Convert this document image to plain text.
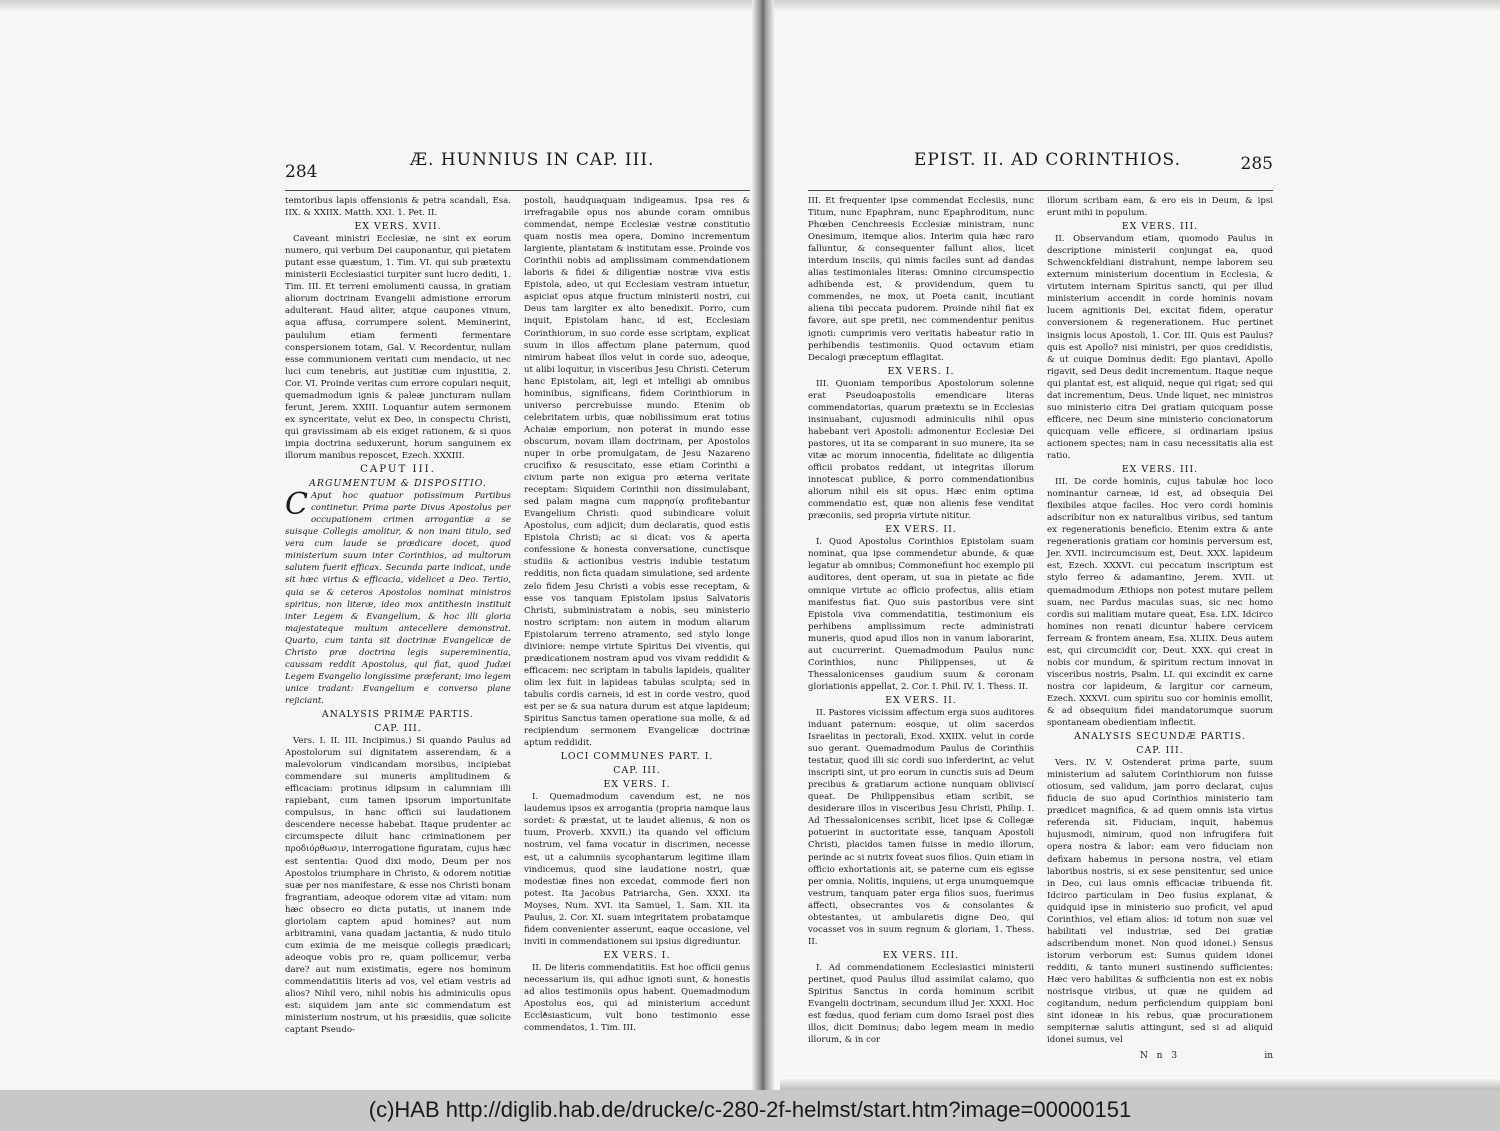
284
Æ. HUNNIUS IN CAP. III.

temtoribus lapis offensionis & petra scandali, Esa. IIX. & XXIIX. Matth. XXI. 1. Pet. II.

EX VERS. XVII.

Caveant ministri Ecclesiæ, ne sint ex eorum numero, qui verbum Dei cauponantur, qui pietatem putant esse quæstum, 1. Tim. VI. qui sub prætextu ministerii Ecclesiastici turpiter sunt lucro dediti, 1. Tim. III. Et terreni emolumenti caussa, in gratiam aliorum doctrinam Evangelii admistione errorum adulterant. Haud aliter, atque caupones vinum, aqua affusa, corrumpere solent. Meminerint, paululum etiam fermenti fermentare conspersionem totam, Gal. V. Recordentur, nullam esse communionem veritati cum mendacio, ut nec luci cum tenebris, aut justitiæ cum injustitia, 2. Cor. VI. Proinde veritas cum errore copulari nequit, quemadmodum ignis & paleæ juncturam nullam ferunt, Jerem. XXIII. Loquantur autem sermonem ex synceritate, velut ex Deo, in conspectu Christi, qui gravissimam ab eis exiget rationem, & si quos impia doctrina seduxerunt, horum sanguinem ex illorum manibus reposcet, Ezech. XXXIII.

CAPUT III.
ARGUMENTUM & DISPOSITIO.

C Aput hoc quatuor potissimum Partibus continetur. Prima parte Divus Apostolus per occupationem crimen arrogantiæ a se suisque Collegis amolitur, & non inani titulo, sed vera cum laude se prædicare docet, quod ministerium suum inter Corinthios, ad multorum salutem fuerit efficax. Secunda parte indicat, unde sit hæc virtus & efficacia, videlicet a Deo. Tertio, quia se & ceteros Apostolos nominat ministros spiritus, non literæ, ideo mox antithesin instituit inter Legem & Evangelium, & hoc illi gloria majestateque multum antecellere demonstrat. Quarto, cum tanta sit doctrinæ Evangelicæ de Christo præ doctrina legis supereminentia, caussam reddit Apostolus, qui fiat, quod Judæi Legem Evangelio longissime præferant; imo legem unice tradant: Evangelium e converso plane rejiciant.

ANALYSIS PRIMÆ PARTIS.
CAP. III.

Vers. I. II. III. Incipimus.) Si quando Paulus ad Apostolorum sui dignitatem asserendam, & a malevolorum vindicandam morsibus, incipiebat commendare sui muneris amplitudinem & efficaciam: protinus idipsum in calumniam illi rapiebant, cum tamen ipsorum importunitate compulsus, in hanc officii sui laudationem descendere necesse habebat. Itaque prudenter ac circumspecte diluit hanc criminationem per προδιόρθωσιν, interrogatione figuratam, cujus hæc est sententia: Quod dixi modo, Deum per nos Apostolos triumphare in Christo, & odorem notitiæ suæ per nos manifestare, & esse nos Christi bonam fragrantiam, adeoque odorem vitæ ad vitam: num hæc obsecro eo dicta putatis, ut inanem inde gloriolam captem apud homines? aut num arbitramini, vana quadam jactantia, & nudo titulo cum eximia de me meisque collegis prædicari; adeoque vobis pro re, quam pollicemur, verba dare? aut num existimatis, egere nos hominum commendatitiis literis ad vos, vel etiam vestris ad alios? Nihil vero, nihil nobis his adminiculis opus est: siquidem jam ante sic commendatum est ministerium nostrum, ut his præsidiis, quæ solicite captant Pseudo-

postoli, haudquaquam indigeamus. Ipsa res & irrefragabile opus nos abunde coram omnibus commendat, nempe Ecclesiæ vestræ constitutio quam nostis mea opera, Domino incrementum largiente, plantatam & institutam esse. Proinde vos Corinthii nobis ad amplissimam commendationem laboris & fidei & diligentiæ nostræ viva estis Epistola, adeo, ut qui Ecclesiam vestram intuetur, aspiciat opus atque fructum ministerii nostri, cui Deus tam largiter ex alto benedixit. Porro, cum inquit, Epistolam hanc, id est, Ecclesiam Corinthiorum, in suo corde esse scriptam, explicat suum in illos affectum plane paternum, quod nimirum habeat illos velut in corde suo, adeoque, ut alibi loquitur, in visceribus Jesu Christi. Ceterum hanc Epistolam, ait, legi et intelligi ab omnibus hominibus, significans, fidem Corinthiorum in universo percrebuisse mundo. Etenim ob celebritatem urbis, quæ nobilissimum erat totius Achaiæ emporium, non poterat in mundo esse obscurum, novam illam doctrinam, per Apostolos nuper in orbe promulgatam, de Jesu Nazareno crucifixo & resuscitato, esse etiam Corinthi a civium parte non exigua pro æterna veritate receptam: Siquidem Corinthii non dissimulabant, sed palam magna cum παρρησίᾳ profitebantur Evangelium Christi: quod subindicare voluit Apostolus, cum adjicit; dum declaratis, quod estis Epistola Christi; ac si dicat: vos & aperta confessione & honesta conversatione, cunctisque studiis & actionibus vestris indubie testatum redditis, non ficta quadam simulatione, sed ardente zelo fidem Jesu Christi a vobis esse receptam, & esse vos tanquam Epistolam ipsius Salvatoris Christi, subministratam a nobis, seu ministerio nostro scriptam: non autem in modum aliarum Epistolarum terreno atramento, sed stylo longe diviniore: nempe virtute Spiritus Dei viventis, qui prædicationem nostram apud vos vivam reddidit & efficacem: nec scriptam in tabulis lapideis, qualiter olim lex fuit in lapideas tabulas sculpta; sed in tabulis cordis carneis, id est in corde vestro, quod est per se & sua natura durum est atque lapideum; Spiritus Sanctus tamen operatione sua molle, & ad recipiendum sermonem Evangelicæ doctrinæ aptum reddidit.

LOCI COMMUNES PART. I.
CAP. III.
EX VERS. I.

I. Quemadmodum cavendum est, ne nos laudemus ipsos ex arrogantia (propria namque laus sordet: & præstat, ut te laudet alienus, & non os tuum, Proverb. XXVII.) ita quando vel officium nostrum, vel fama vocatur in discrimen, necesse est, ut a calumniis sycophantarum legitime illam vindicemus, quod sine laudatione nostri, quæ modestiæ fines non excedat, commode fieri non potest. Ita Jacobus Patriarcha, Gen. XXXI. ita Moyses, Num. XVI. ita Samuel, 1. Sam. XII. ita Paulus, 2. Cor. XI. suam integritatem probatamque fidem convenienter asserunt, eaque occasione, vel inviti in commendationem sui ipsius digrediuntur.

EX VERS. I.

II. De literis commendatitiis. Est hoc officii genus necessarium iis, qui adhuc ignoti sunt, & honestis ad alios testimoniis opus habent. Quemadmodum Apostolus eos, qui ad ministerium accedunt Ecclesiasticum, vult bono testimonio esse commendatos, 1. Tim. III.

EPIST. II. AD CORINTHIOS.	285

III. Et frequenter ipse commendat Ecclesiis, nunc Titum, nunc Epaphram, nunc Epaphroditum, nunc Phœben Cenchreesis Ecclesiæ ministram, nunc Onesimum, itemque alios. Interim quia hæc raro falluntur, & consequenter fallunt alios, licet interdum insciis, qui nimis faciles sunt ad dandas alias testimoniales literas: Omnino circumspectio adhibenda est, & providendum, quem tu commendes, ne mox, ut Poeta canit, incutiant aliena tibi peccata pudorem. Proinde nihil fiat ex favore, aut spe pretii, nec commendentur penitus ignoti: cumprimis vero veritatis habeatur ratio in perhibendis testimoniis. Quod octavum etiam Decalogi præceptum efflagitat.

EX VERS. I.

III. Quoniam temporibus Apostolorum solenne erat Pseudoapostolis emendicare literas commendatorias, quarum prætextu se in Ecclesias insinuabant, cujusmodi adminiculis nihil opus habebant veri Apostoli: admonentur Ecclesiæ Dei pastores, ut ita se comparant in suo munere, ita se vitæ ac morum innocentia, fidelitate ac diligentia officii probatos reddant, ut integritas illorum innotescat publice, & porro commendationibus aliorum nihil eis sit opus. Hæc enim optima commendatio est, quæ non alienis fese venditat præconiis, sed propria virtute nititur.

EX VERS. II.

I. Quod Apostolus Corinthios Epistolam suam nominat, qua ipse commendetur abunde, & quæ legatur ab omnibus; Commonefiunt hoc exemplo pii auditores, dent operam, ut sua in pietate ac fide omnique virtute ac officio profectus, aliis etiam manifestus fiat. Quo suis pastoribus vere sint Epistola viva commendatitia, testimonium eis perhibens amplissimum recte administrati muneris, quod apud illos non in vanum laborarint, aut cucurrerint. Quemadmodum Paulus nunc Corinthios, nunc Philippenses, ut & Thessalonicenses gaudium suum & coronam gloriationis appellat, 2. Cor. I. Phil. IV. 1. Thess. II.

EX VERS. II.

II. Pastores vicissim affectum erga suos auditores induant paternum: eosque, ut olim sacerdos Israelitas in pectorali, Exod. XXIIX. velut in corde suo gerant. Quemadmodum Paulus de Corinthiis testatur, quod illi sic cordi suo inferderint, ac velut inscripti sint, ut pro eorum in cunctis suis ad Deum precibus & gratiarum actione nunquam obliviscí queat. De Philippensibus etiam scribit, se desiderare illos in visceribus Jesu Christi, Philip. I. Ad Thessalonicenses scribit, licet ipse & Collegæ potuerint in auctoritate esse, tanquam Apostoli Christi, placidos tamen fuisse in medio illorum, perinde ac si nutrix foveat suos filios. Quin etiam in officio exhortationis ait, se paterne cum eis egisse per omnia. Nolitis, inquiens, ut erga unumquemque vestrum, tanquam pater erga filios suos, fuerimus affecti, obsecrantes vos & consolantes & obtestantes, ut ambularetis digne Deo, qui vocasset vos in suum regnum & gloriam, 1. Thess. II.

EX VERS. III.

I. Ad commendationem Ecclesiastici ministerii pertinet, quod Paulus illud assimilat calamo, quo Spiritus Sanctus in corda hominum scribit Evangelii doctrinam, secundum illud Jer. XXXI. Hoc est fœdus, quod feriam cum domo Israel post dies illos, dicit Dominus; dabo legem meam in medio illorum, & in cor

illorum scribam eam, & ero eis in Deum, & ipsi erunt mihi in populum.

EX VERS. III.

II. Observandum etiam, quomodo Paulus in descriptione ministerii conjungat ea, quod Schwenckfeldiani distrahunt, nempe laborem seu externum ministerium docentium in Ecclesia, & virtutem internam Spiritus sancti, qui per illud ministerium accendit in corde hominis novam lucem agnitionis Dei, excitat fidem, operatur conversionem & regenerationem. Huc pertinet insignis locus Apostoli, 1. Cor. III. Quis est Paulus? quis est Apollo? nisi ministri, per quos credidistis, & ut cuique Dominus dedit: Ego plantavi, Apollo rigavit, sed Deus dedit incrementum. Itaque neque qui plantat est, est aliquid, neque qui rigat; sed qui dat incrementum, Deus. Unde liquet, nec ministros suo ministerio citra Dei gratiam quicquam posse efficere, nec Deum sine ministerio concionatorum quicquam velle efficere, si ordinariam ipsius actionem spectes; nam in casu necessitatis alia est ratio.

EX VERS. III.

III. De corde hominis, cujus tabulæ hoc loco nominantur carneæ, id est, ad obsequia Dei flexibiles atque faciles. Hoc vero cordi hominis adscribitur non ex naturalibus viribus, sed tantum ex regenerationis beneficio. Etenim extra & ante regenerationis gratiam cor hominis perversum est, Jer. XVII. incircumcisum est, Deut. XXX. lapideum est, Ezech. XXXVI. cui peccatum inscriptum est stylo ferreo & adamantino, Jerem. XVII. ut quemadmodum Æthiops non potest mutare pellem suam, nec Pardus maculas suas, sic nec homo cordis sui malitiam mutare queat, Esa. LIX. Idcirco homines non renati dicuntur habere cervicem ferream & frontem aneam, Esa. XLIIX. Deus autem est, qui circumcidit cor, Deut. XXX. qui creat in nobis cor mundum, & spiritum rectum innovat in visceribus nostris, Psalm. LI. qui excindit ex carne nostra cor lapideum, & largitur cor carneum, Ezech. XXXVI. cum spiritu suo cor hominis emollit, & ad obsequium fidei mandatorumque suorum spontaneam obedientiam inflectit.

ANALYSIS SECUNDÆ PARTIS.
CAP. III.

Vers. IV. V. Ostenderat prima parte, suum ministerium ad salutem Corinthiorum non fuisse otiosum, sed validum, jam porro declarat, cujus fiducia de suo apud Corinthios ministerio tam prædicet magnifica, & ad quem omnis ista virtus referenda sit. Fiduciam, inquit, habemus hujusmodi, nimirum, quod non infrugifera fuit opera nostra & labor: eam vero fiduciam non defixam habemus in persona nostra, vel etiam laboribus nostris, si ex sese pensitentur, sed unice in Deo, cui laus omnis efficaciæ tribuenda fit. Idcirco particulam in Deo fusius explanat, & quidquid ipse in ministerio suo proficit, vel apud Corinthios, vel etiam alios: id totum non suæ vel habilitati vel industriæ, sed Dei gratiæ adscribendum monet. Non quod idonei.) Sensus istorum verborum est: Sumus quidem idonei redditi, & tanto muneri sustinendo sufficientes: Hæc vero habilitas & sufficientia non est ex nobis nostrisque viribus, ut quæ ne quidem ad cogitandum, nedum perficiendum quippiam boni sint idoneæ in his rebus, quæ procurationem sempiternæ salutis attingunt, sed si ad aliquid idonei sumus, vel

N n 3	in
(c)HAB http://diglib.hab.de/drucke/c-280-2f-helmst/start.htm?image=00000151
